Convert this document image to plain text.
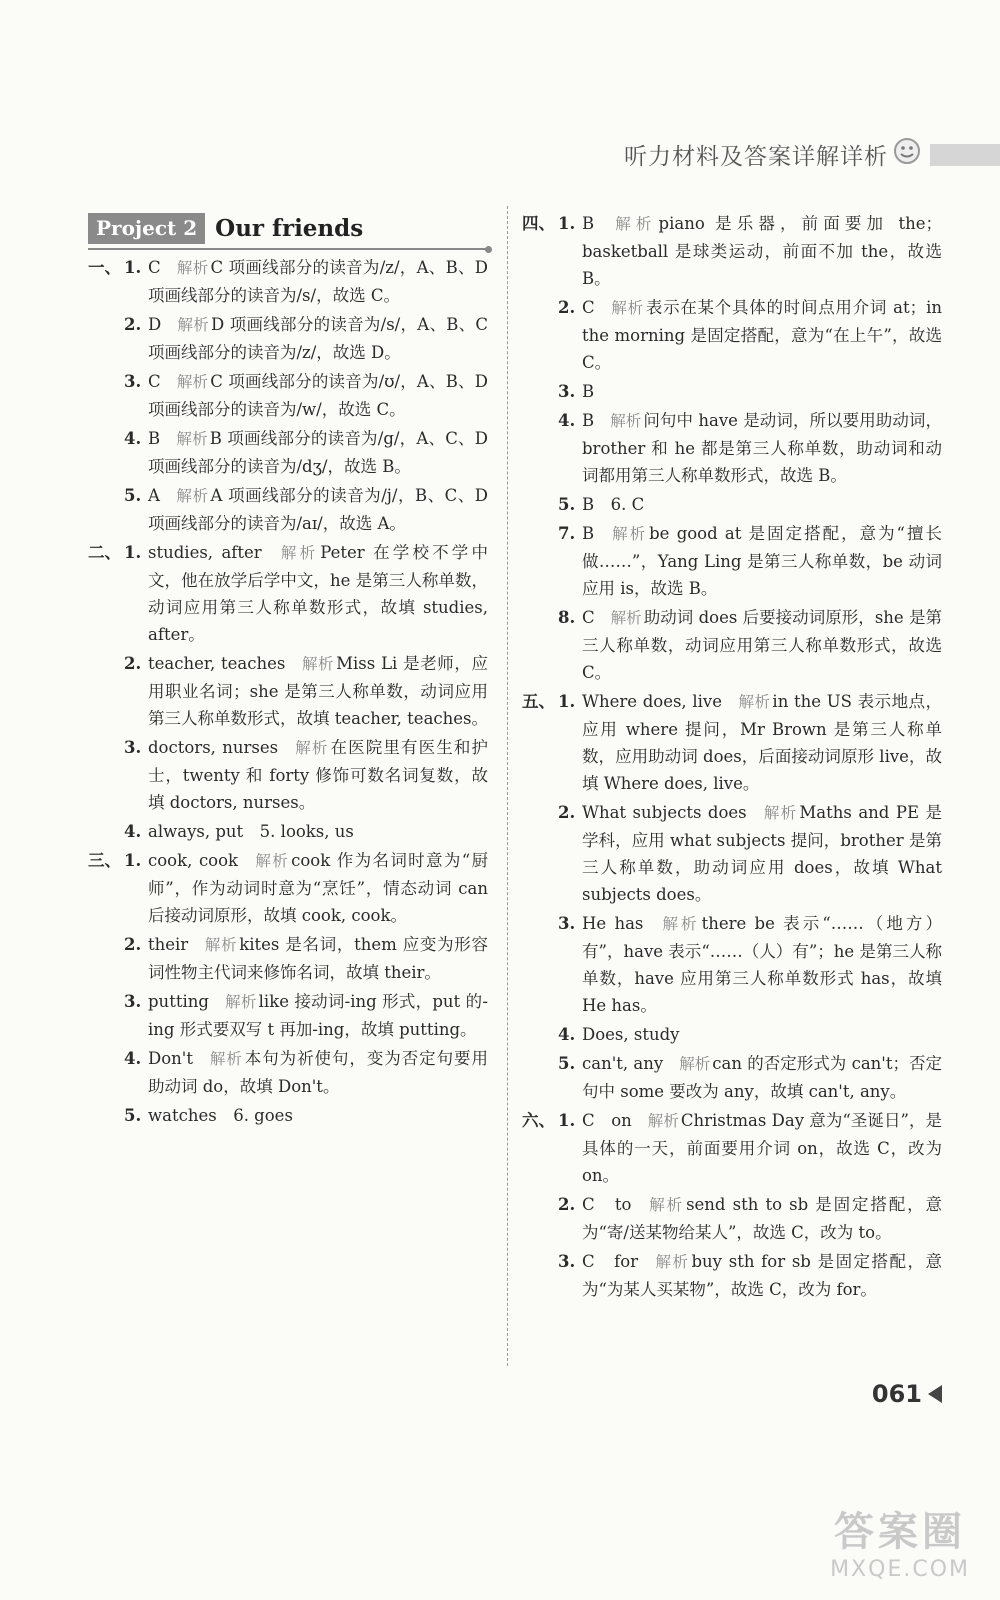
听力材料及答案详解详析
Project 2 Our friends
一、 1. C 解析 C 项画线部分的读音为/z/，A、B、D 项画线部分的读音为/s/，故选 C。
2. D 解析 D 项画线部分的读音为/s/，A、B、C 项画线部分的读音为/z/，故选 D。
3. C 解析 C 项画线部分的读音为/ʊ/，A、B、D 项画线部分的读音为/w/，故选 C。
4. B 解析 B 项画线部分的读音为/g/，A、C、D 项画线部分的读音为/dʒ/，故选 B。
5. A 解析 A 项画线部分的读音为/j/，B、C、D 项画线部分的读音为/aɪ/，故选 A。
二、 1. studies, after 解析 Peter 在学校不学中文，他在放学后学中文，he 是第三人称单数，动词应用第三人称单数形式，故填 studies, after。
2. teacher, teaches 解析 Miss Li 是老师，应用职业名词；she 是第三人称单数，动词应用第三人称单数形式，故填 teacher, teaches。
3. doctors, nurses 解析 在医院里有医生和护士，twenty 和 forty 修饰可数名词复数，故填 doctors, nurses。
4. always, put　5. looks, us
三、 1. cook, cook 解析 cook 作为名词时意为“厨师”，作为动词时意为“烹饪”，情态动词 can 后接动词原形，故填 cook, cook。
2. their 解析 kites 是名词，them 应变为形容词性物主代词来修饰名词，故填 their。
3. putting 解析 like 接动词-ing 形式，put 的-ing 形式要双写 t 再加-ing，故填 putting。
4. Don't 解析 本句为祈使句，变为否定句要用助动词 do，故填 Don't。
5. watches　6. goes
四、 1. B 解析 piano 是乐器，前面要加 the；basketball 是球类运动，前面不加 the，故选 B。
2. C 解析 表示在某个具体的时间点用介词 at；in the morning 是固定搭配，意为“在上午”，故选 C。
3. B
4. B 解析 问句中 have 是动词，所以要用助动词，brother 和 he 都是第三人称单数，助动词和动词都用第三人称单数形式，故选 B。
5. B　6. C
7. B 解析 be good at 是固定搭配，意为“擅长做……”，Yang Ling 是第三人称单数，be 动词应用 is，故选 B。
8. C 解析 助动词 does 后要接动词原形，she 是第三人称单数，动词应用第三人称单数形式，故选 C。
五、 1. Where does, live 解析 in the US 表示地点，应用 where 提问，Mr Brown 是第三人称单数，应用助动词 does，后面接动词原形 live，故填 Where does, live。
2. What subjects does 解析 Maths and PE 是学科，应用 what subjects 提问，brother 是第三人称单数，助动词应用 does，故填 What subjects does。
3. He has 解析 there be 表示“……（地方）有”，have 表示“……（人）有”；he 是第三人称单数，have 应用第三人称单数形式 has，故填 He has。
4. Does, study
5. can't, any 解析 can 的否定形式为 can't；否定句中 some 要改为 any，故填 can't, any。
六、 1. C　on 解析 Christmas Day 意为“圣诞日”，是具体的一天，前面要用介词 on，故选 C，改为 on。
2. C　to 解析 send sth to sb 是固定搭配，意为“寄/送某物给某人”，故选 C，改为 to。
3. C　for 解析 buy sth for sb 是固定搭配，意为“为某人买某物”，故选 C，改为 for。
061
答案圈
MXQE.COM
